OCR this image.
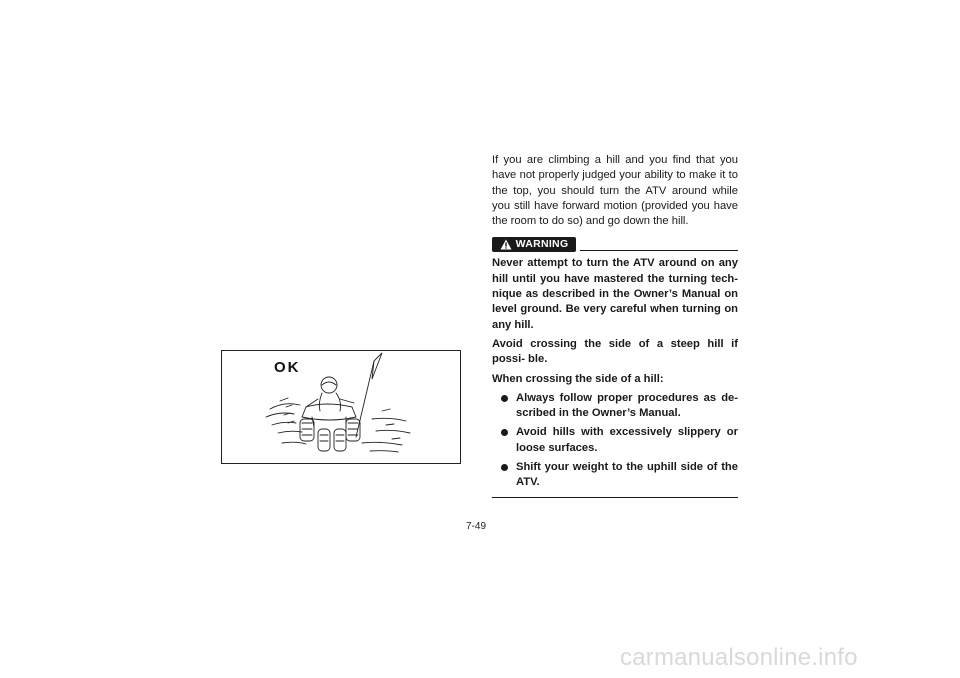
OK

If you are climbing a hill and you find that you have not properly judged your ability to make it to the top, you should turn the ATV around while you still have forward motion (provided you have the room to do so) and go down the hill.

WARNING

Never attempt to turn the ATV around on any hill until you have mastered the turning tech- nique as described in the Owner’s Manual on level ground. Be very careful when turning on any hill.

Avoid crossing the side of a steep hill if possi- ble.

When crossing the side of a hill:

Always follow proper procedures as de- scribed in the Owner’s Manual.
Avoid hills with excessively slippery or loose surfaces.
Shift your weight to the uphill side of the ATV.
7-49
carmanualsonline.info
